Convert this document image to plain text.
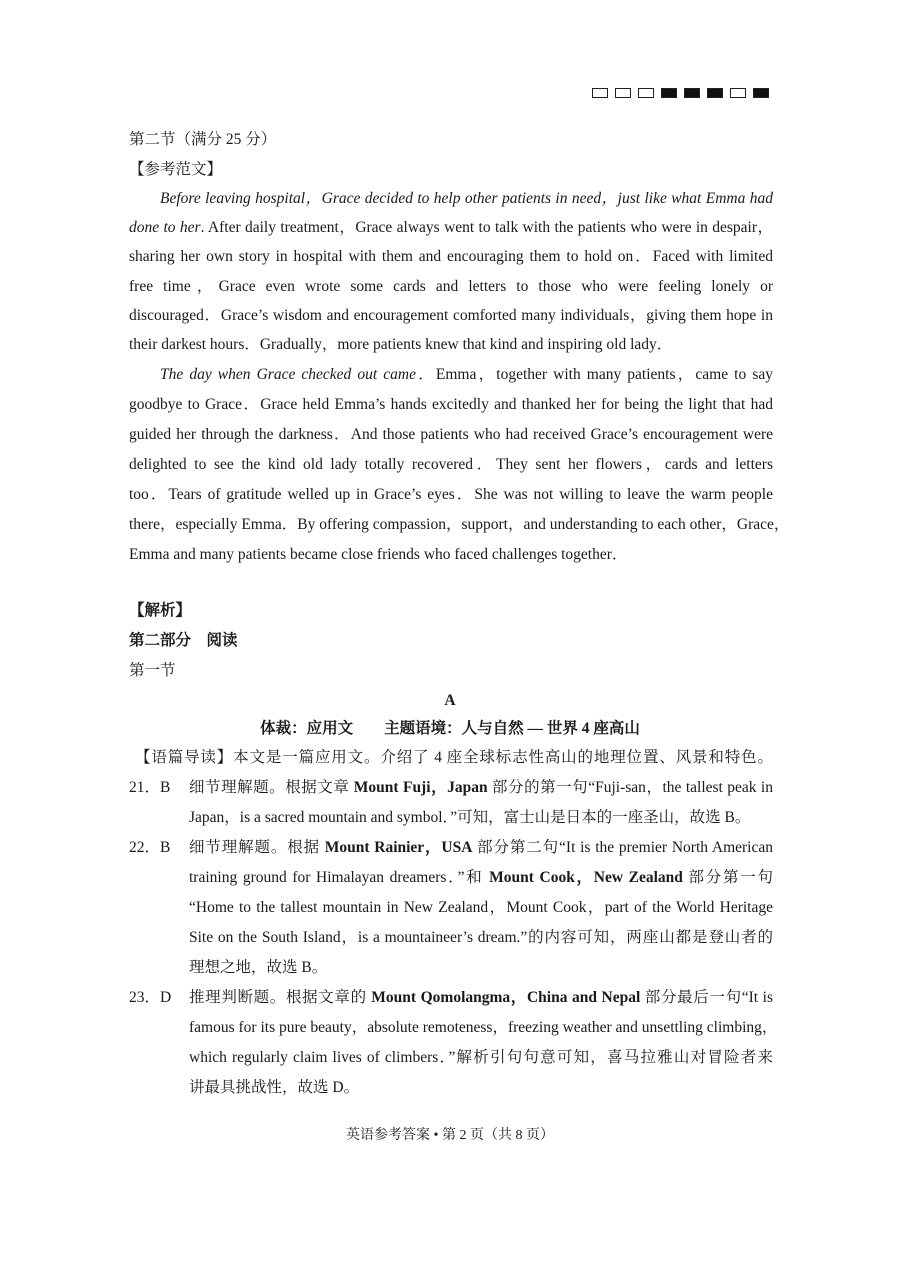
第二节（满分 25 分）
【参考范文】
Before leaving hospital，Grace decided to help other patients in need，just like what Emma had
done to her. After daily treatment，Grace always went to talk with the patients who were in despair，
sharing her own story in hospital with them and encouraging them to hold on．Faced with limited
free time，Grace even wrote some cards and letters to those who were feeling lonely or
discouraged．Grace’s wisdom and encouragement comforted many individuals，giving them hope in
their darkest hours．Gradually，more patients knew that kind and inspiring old lady．
The day when Grace checked out came．Emma，together with many patients，came to say
goodbye to Grace．Grace held Emma’s hands excitedly and thanked her for being the light that had
guided her through the darkness．And those patients who had received Grace’s encouragement were
delighted to see the kind old lady totally recovered．They sent her flowers，cards and letters
too．Tears of gratitude welled up in Grace’s eyes．She was not willing to leave the warm people
there，especially Emma．By offering compassion，support，and understanding to each other，Grace，
Emma and many patients became close friends who faced challenges together．
【解析】
第二部分　阅读
第一节
A
体裁：应用文　　主题语境：人与自然 — 世界 4 座高山
【语篇导读】本文是一篇应用文。介绍了 4 座全球标志性高山的地理位置、风景和特色。
21．B 细节理解题。根据文章 Mount Fuji，Japan 部分的第一句“Fuji-san，the tallest peak in
Japan，is a sacred mountain and symbol．”可知，富士山是日本的一座圣山，故选 B。
22．B 细节理解题。根据 Mount Rainier，USA 部分第二句“It is the premier North American
training ground for Himalayan dreamers．”和 Mount Cook，New Zealand 部分第一句
“Home to the tallest mountain in New Zealand，Mount Cook，part of the World Heritage
Site on the South Island，is a mountaineer’s dream.”的内容可知，两座山都是登山者的
理想之地，故选 B。
23．D 推理判断题。根据文章的 Mount Qomolangma，China and Nepal 部分最后一句“It is
famous for its pure beauty，absolute remoteness，freezing weather and unsettling climbing，
which regularly claim lives of climbers．”解析引句句意可知，喜马拉雅山对冒险者来
讲最具挑战性，故选 D。
英语参考答案 • 第 2 页（共 8 页）
